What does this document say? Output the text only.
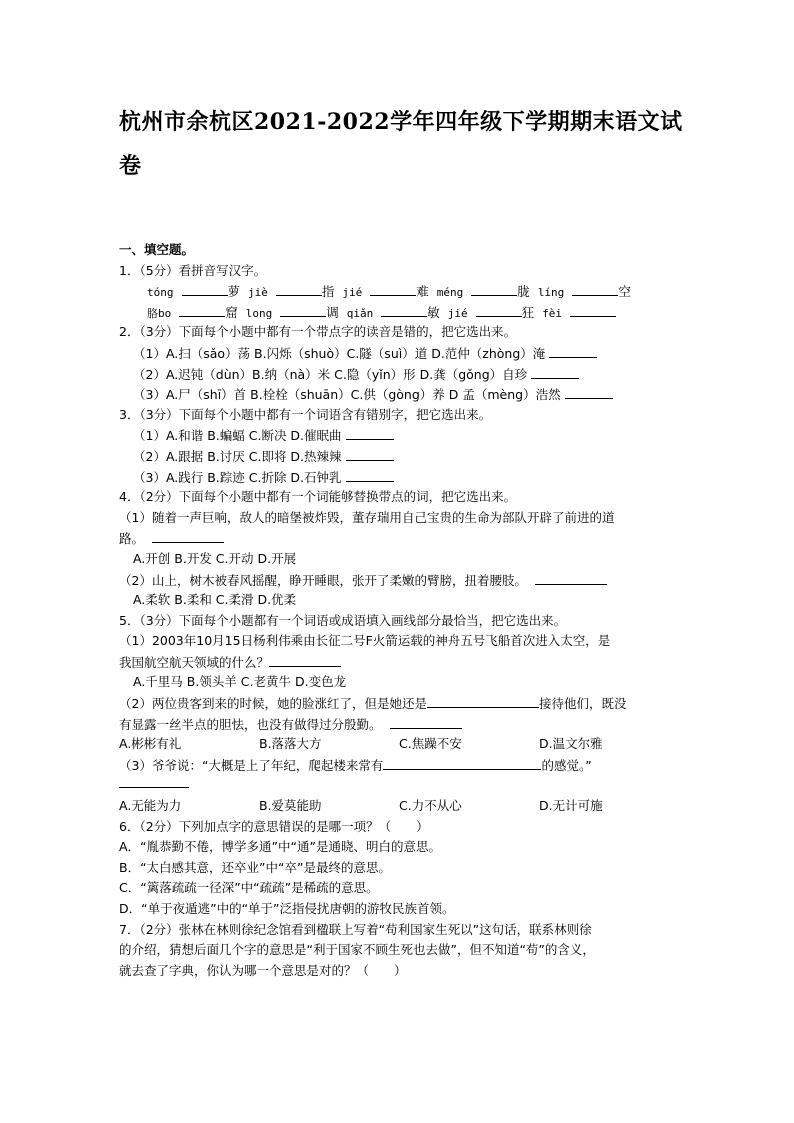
杭州市余杭区2021-2022学年四年级下学期期末语文试卷
一、填空题。
1．（5分）看拼音写汉字。
tóng	萝 jiè	指 jié	难 méng	胧 líng	空
胳bo	窟 long	调 qiǎn	敏 jié	狂 fèi
2．（3分）下面每个小题中都有一个带点字的读音是错的，把它选出来。
（1）A.扫（sǎo）荡 B.闪烁（shuò）C.隧（suì）道 D.范仲（zhòng）淹
（2）A.迟钝（dùn）B.纳（nà）米 C.隐（yǐn）形 D.龚（gǒng）自珍
（3）A.尸（shī）首 B.栓栓（shuān）C.供（gòng）养 D 孟（mèng）浩然
3．（3分）下面每个小题中都有一个词语含有错别字，把它选出来。
（1）A.和谐 B.蝙蝠 C.断决 D.催眠曲
（2）A.跟据 B.讨厌 C.即将 D.热辣辣
（3）A.践行 B.踪迹 C.折除 D.石钟乳
4．（2分）下面每个小题中都有一个词能够替换带点的词，把它选出来。
（1）随着一声巨响，敌人的暗堡被炸毁，董存瑞用自己宝贵的生命为部队开辟了前进的道
路。
A.开创 B.开发 C.开动 D.开展
（2）山上，树木被春风摇醒，睁开睡眼，张开了柔嫩的臂膀，扭着腰肢。
A.柔软 B.柔和 C.柔滑 D.优柔
5．（3分）下面每个小题都有一个词语或成语填入画线部分最恰当，把它选出来。
（1）2003年10月15日杨利伟乘由长征二号F火箭运载的神舟五号飞船首次进入太空，是
我国航空航天领域的什么？
A.千里马 B.领头羊 C.老黄牛 D.变色龙
（2）两位贵客到来的时候，她的脸涨红了，但是她还是	接待他们，既没
有显露一丝半点的胆怯，也没有做得过分殷勤。
A.彬彬有礼	B.落落大方	C.焦躁不安	D.温文尔雅
（3）爷爷说：“大概是上了年纪，爬起楼来常有	的感觉。”
A.无能为力	B.爱莫能助	C.力不从心	D.无计可施
6．（2分）下列加点字的意思错误的是哪一项？（　　）
A．“胤恭勤不倦，博学多通”中“通”是通晓、明白的意思。
B．“太白感其意，还卒业”中“卒”是最终的意思。
C．“篱落疏疏一径深”中“疏疏”是稀疏的意思。
D．“单于夜遁逃”中的“单于”泛指侵扰唐朝的游牧民族首领。
7．（2分）张林在林则徐纪念馆看到楹联上写着“苟利国家生死以”这句话，联系林则徐
的介绍，猜想后面几个字的意思是“利于国家不顾生死也去做”，但不知道“苟”的含义，
就去查了字典，你认为哪一个意思是对的？（　　）
